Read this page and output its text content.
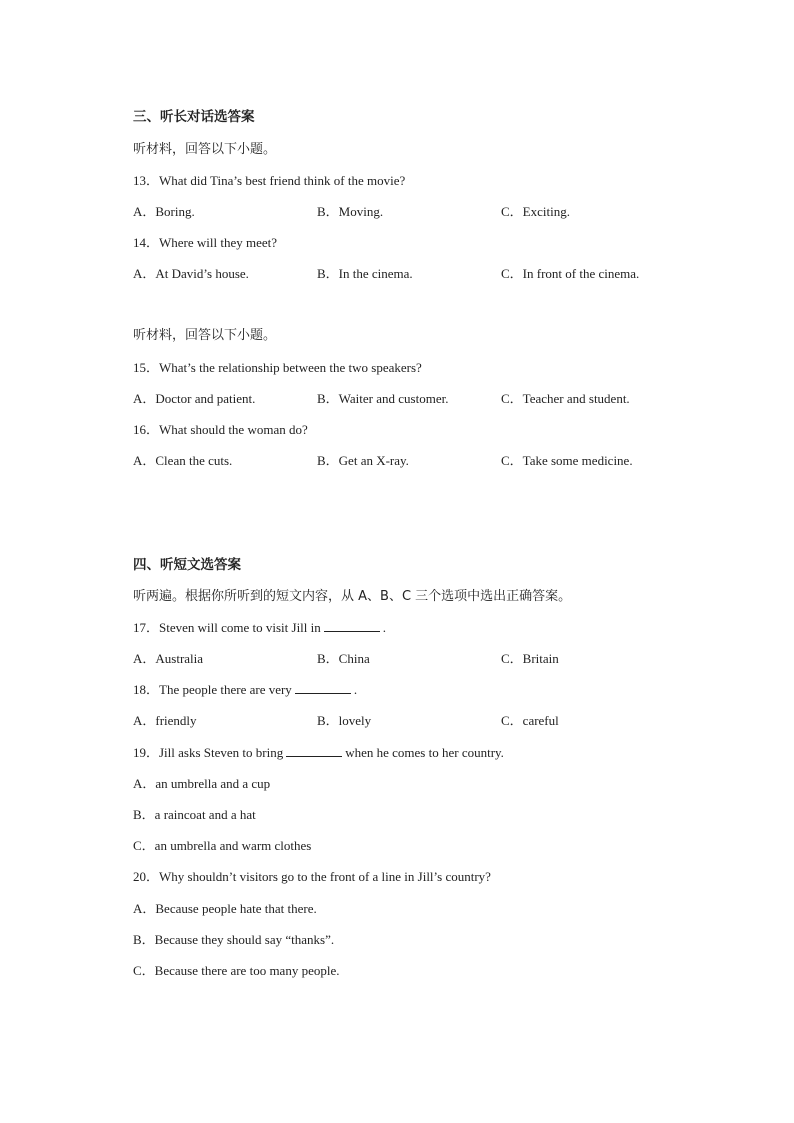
三、听长对话选答案
听材料，回答以下小题。
13．What did Tina’s best friend think of the movie?
A．Boring.	B．Moving.	C．Exciting.
14．Where will they meet?
A．At David’s house.	B．In the cinema.	C．In front of the cinema.
听材料，回答以下小题。
15．What’s the relationship between the two speakers?
A．Doctor and patient.	B．Waiter and customer.	C．Teacher and student.
16．What should the woman do?
A．Clean the cuts.	B．Get an X-ray.	C．Take some medicine.
四、听短文选答案
听两遍。根据你所听到的短文内容，从 A、B、C 三个选项中选出正确答案。
17．Steven will come to visit Jill in	.
A．Australia	B．China	C．Britain
18．The people there are very	.
A．friendly	B．lovely	C．careful
19．Jill asks Steven to bring	when he comes to her country.
A．an umbrella and a cup
B．a raincoat and a hat
C．an umbrella and warm clothes
20．Why shouldn’t visitors go to the front of a line in Jill’s country?
A．Because people hate that there.
B．Because they should say “thanks”.
C．Because there are too many people.
